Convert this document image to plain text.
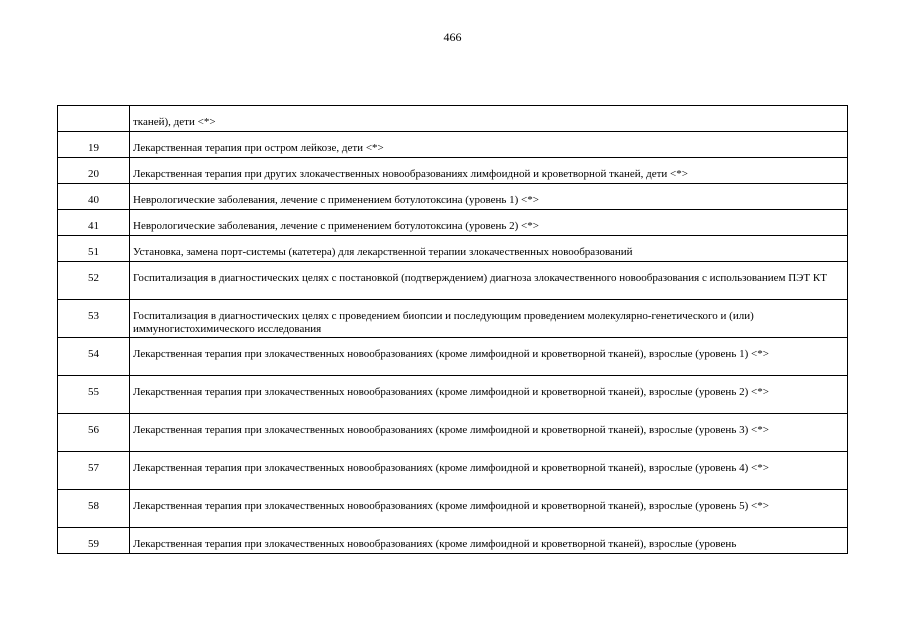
466
	тканей), дети <*>
19	Лекарственная терапия при остром лейкозе, дети <*>
20	Лекарственная терапия при других злокачественных новообразованиях лимфоидной и кроветворной тканей, дети <*>
40	Неврологические заболевания, лечение с применением ботулотоксина (уровень 1) <*>
41	Неврологические заболевания, лечение с применением ботулотоксина (уровень 2) <*>
51	Установка, замена порт-системы (катетера) для лекарственной терапии злокачественных новообразований
52	Госпитализация в диагностических целях с постановкой (подтверждением) диагноза злокачественного новообразования с использованием ПЭТ КТ
53	Госпитализация в диагностических целях с проведением биопсии и последующим проведением молекулярно-генетического и (или) иммуногистохимического исследования
54	Лекарственная терапия при злокачественных новообразованиях (кроме лимфоидной и кроветворной тканей), взрослые (уровень 1) <*>
55	Лекарственная терапия при злокачественных новообразованиях (кроме лимфоидной и кроветворной тканей), взрослые (уровень 2) <*>
56	Лекарственная терапия при злокачественных новообразованиях (кроме лимфоидной и кроветворной тканей), взрослые (уровень 3) <*>
57	Лекарственная терапия при злокачественных новообразованиях (кроме лимфоидной и кроветворной тканей), взрослые (уровень 4) <*>
58	Лекарственная терапия при злокачественных новообразованиях (кроме лимфоидной и кроветворной тканей), взрослые (уровень 5) <*>
59	Лекарственная терапия при злокачественных новообразованиях (кроме лимфоидной и кроветворной тканей), взрослые (уровень
